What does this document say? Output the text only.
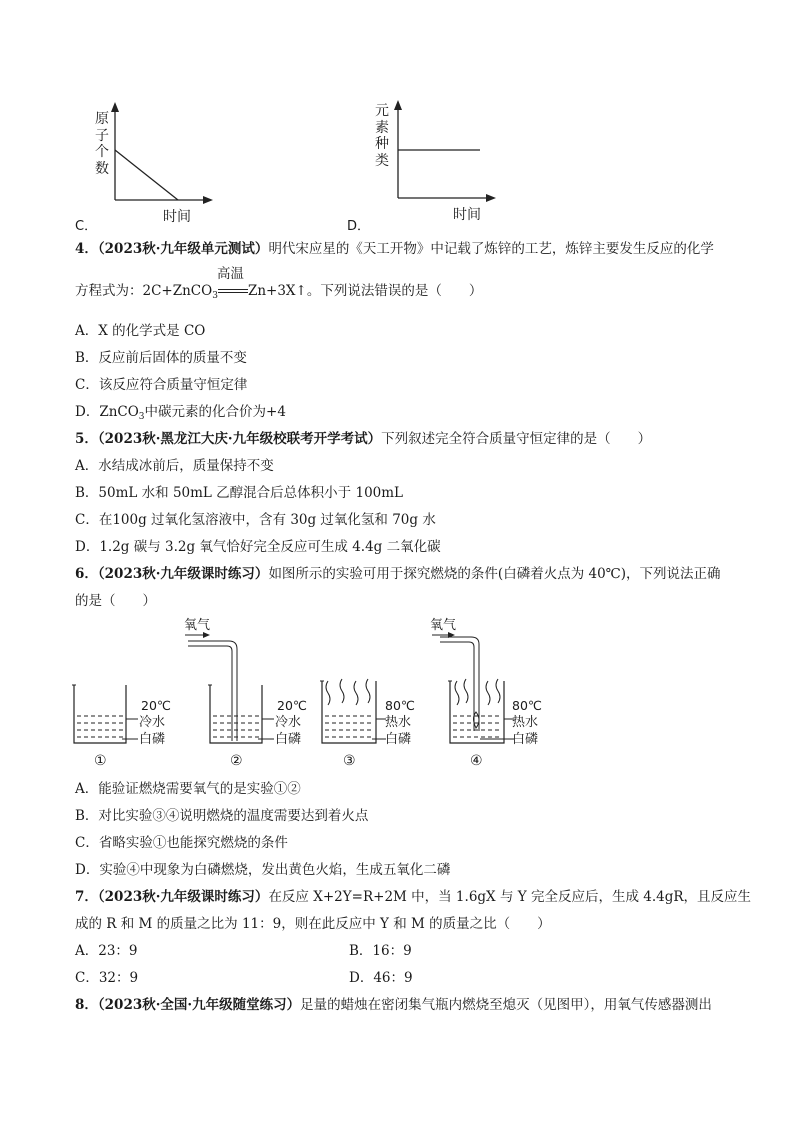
原子个数
时间
C．
元素种类
时间
D．
4．（2023秋·九年级单元测试）明代宋应星的《天工开物》中记载了炼锌的工艺，炼锌主要发生反应的化学
方程式为：2C+ZnCO$_3$
高温
Zn+3X↑。下列说法错误的是（　　）
A．X 的化学式是 CO
B．反应前后固体的质量不变
C．该反应符合质量守恒定律
D．ZnCO$_3$中碳元素的化合价为+4
5．（2023秋·黑龙江大庆·九年级校联考开学考试）下列叙述完全符合质量守恒定律的是（　　）
A．水结成冰前后，质量保持不变
B．50mL 水和 50mL 乙醇混合后总体积小于 100mL
C．在100g 过氧化氢溶液中，含有 30g 过氧化氢和 70g 水
D．1.2g 碳与 3.2g 氧气恰好完全反应可生成 4.4g 二氧化碳
6．（2023秋·九年级课时练习）如图所示的实验可用于探究燃烧的条件(白磷着火点为 40℃)，下列说法正确
的是（　　）
20℃
冷水
白磷
①
氧气
20℃
冷水
白磷
②
80℃
热水
白磷
③
氧气
80℃
热水
白磷
④
A．能验证燃烧需要氧气的是实验①②
B．对比实验③④说明燃烧的温度需要达到着火点
C．省略实验①也能探究燃烧的条件
D．实验④中现象为白磷燃烧，发出黄色火焰，生成五氧化二磷
7．（2023秋·九年级课时练习）在反应 X+2Y=R+2M 中，当 1.6gX 与 Y 完全反应后，生成 4.4gR，且反应生
成的 R 和 M 的质量之比为 11：9，则在此反应中 Y 和 M 的质量之比（　　）
A．23：9	B．16：9
C．32：9	D．46：9
8．（2023秋·全国·九年级随堂练习）足量的蜡烛在密闭集气瓶内燃烧至熄灭（见图甲），用氧气传感器测出
